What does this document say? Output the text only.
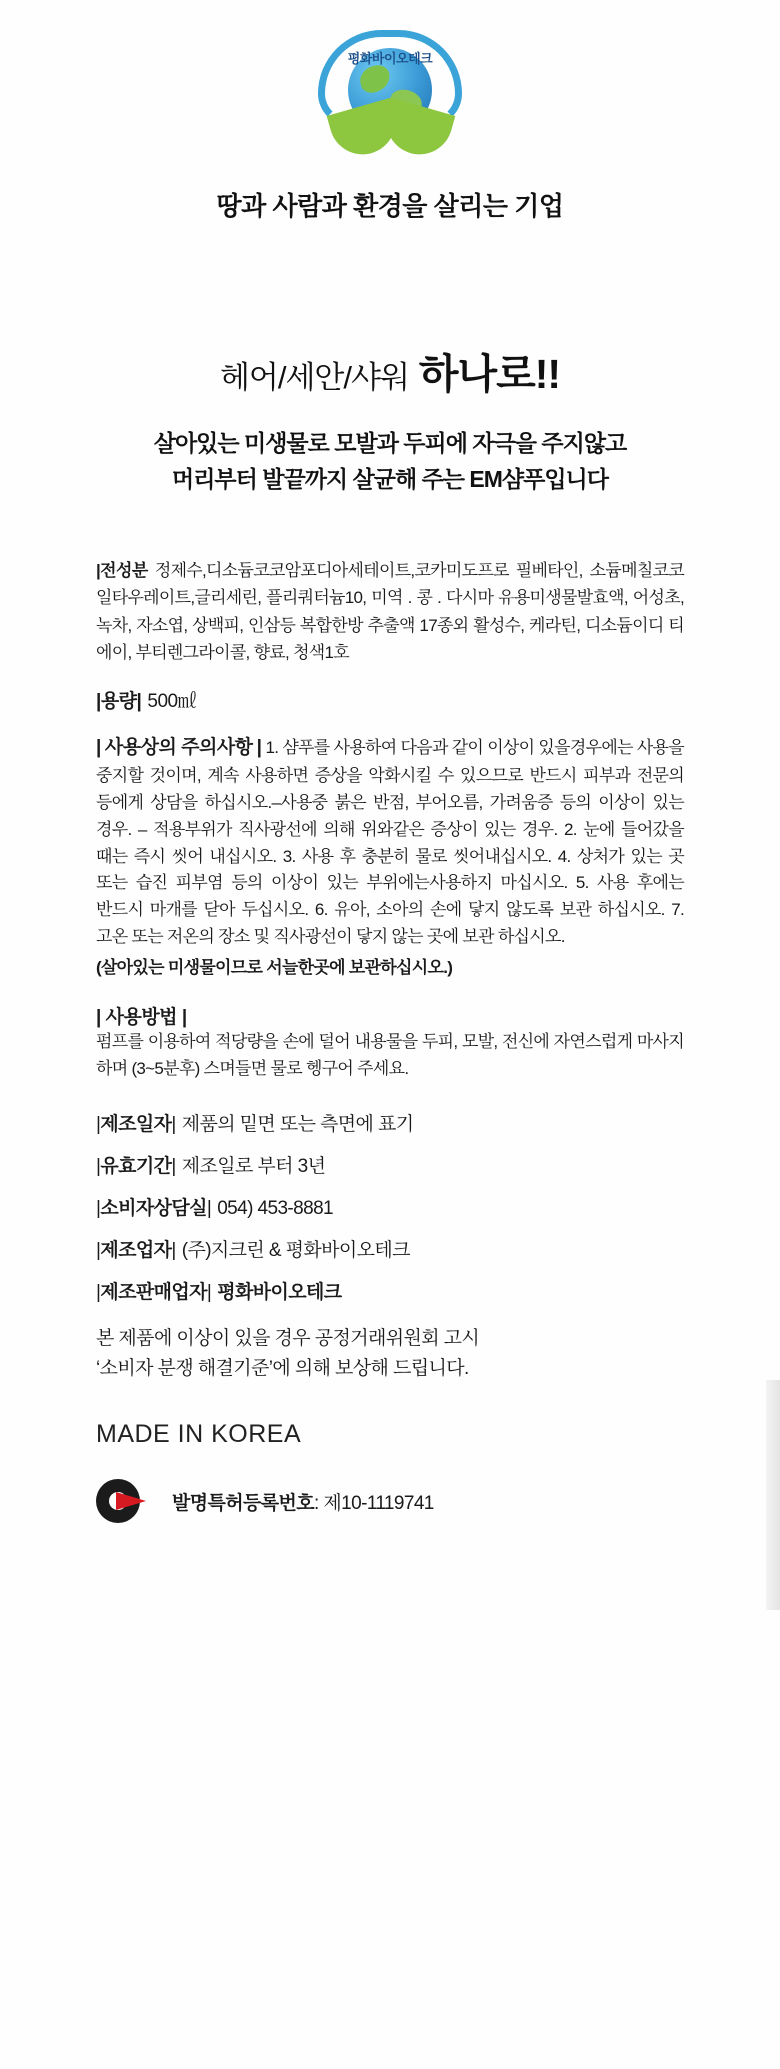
평화바이오테크
땅과 사람과 환경을 살리는 기업
헤어/세안/샤워 하나로!!
살아있는 미생물로 모발과 두피에 자극을 주지않고
머리부터 발끝까지 살균해 주는 EM샴푸입니다
|전성분 정제수,디소듐코코암포디아세테이트,코카미도프로 필베타인, 소듐메칠코코일타우레이트,글리세린, 플리쿼터늄10, 미역 . 콩 . 다시마 유용미생물발효액, 어성초, 녹차, 자소엽, 상백피, 인삼등 복합한방 추출액 17종외 활성수, 케라틴, 디소듐이디 티에이, 부티렌그라이콜, 향료, 청색1호
|용량| 500㎖
| 사용상의 주의사항 | 1. 샴푸를 사용하여 다음과 같이 이상이 있을경우에는 사용을 중지할 것이며, 계속 사용하면 증상을 악화시킬 수 있으므로 반드시 피부과 전문의 등에게 상담을 하십시오.–사용중 붉은 반점, 부어오름, 가려움증 등의 이상이 있는 경우. – 적용부위가 직사광선에 의해 위와같은 증상이 있는 경우. 2. 눈에 들어갔을 때는 즉시 씻어 내십시오. 3. 사용 후 충분히 물로 씻어내십시오. 4. 상처가 있는 곳 또는 습진 피부염 등의 이상이 있는 부위에는사용하지 마십시오. 5. 사용 후에는 반드시 마개를 닫아 두십시오. 6. 유아, 소아의 손에 닿지 않도록 보관 하십시오. 7. 고온 또는 저온의 장소 및 직사광선이 닿지 않는 곳에 보관 하십시오.
(살아있는 미생물이므로 서늘한곳에 보관하십시오.)
| 사용방법 |
펌프를 이용하여 적당량을 손에 덜어 내용물을 두피, 모발, 전신에 자연스럽게 마사지 하며 (3~5분후) 스며들면 물로 헹구어 주세요.
|제조일자| 제품의 밑면 또는 측면에 표기
|유효기간| 제조일로 부터 3년
|소비자상담실| 054) 453-8881
|제조업자| (주)지크린 & 평화바이오테크
|제조판매업자| 평화바이오테크
본 제품에 이상이 있을 경우 공정거래위원회 고시
‘소비자 분쟁 해결기준’에 의해 보상해 드립니다.
MADE IN KOREA
발명특허등록번호: 제10-1119741
